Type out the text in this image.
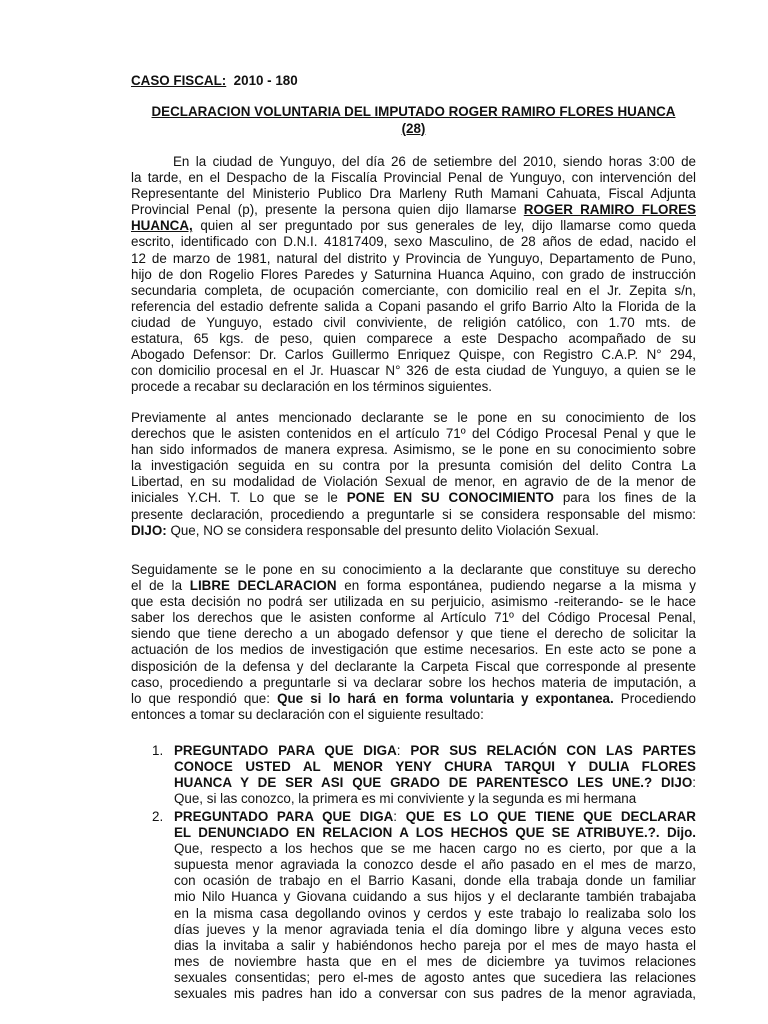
CASO FISCAL: 2010 - 180
DECLARACION VOLUNTARIA DEL IMPUTADO ROGER RAMIRO FLORES HUANCA
(28)
En la ciudad de Yunguyo, del día 26 de setiembre del 2010, siendo horas 3:00 de
la tarde, en el Despacho de la Fiscalía Provincial Penal de Yunguyo, con intervención del
Representante del Ministerio Publico Dra Marleny Ruth Mamani Cahuata, Fiscal Adjunta
Provincial Penal (p), presente la persona quien dijo llamarse ROGER RAMIRO FLORES
HUANCA, quien al ser preguntado por sus generales de ley, dijo llamarse como queda
escrito, identificado con D.N.I. 41817409, sexo Masculino, de 28 años de edad, nacido el
12 de marzo de 1981, natural del distrito y Provincia de Yunguyo, Departamento de Puno,
hijo de don Rogelio Flores Paredes y Saturnina Huanca Aquino, con grado de instrucción
secundaria completa, de ocupación comerciante, con domicilio real en el Jr. Zepita s/n,
referencia del estadio defrente salida a Copani pasando el grifo Barrio Alto la Florida de la
ciudad de Yunguyo, estado civil conviviente, de religión católico, con 1.70 mts. de
estatura, 65 kgs. de peso, quien comparece a este Despacho acompañado de su
Abogado Defensor: Dr. Carlos Guillermo Enriquez Quispe, con Registro C.A.P. N° 294,
con domicilio procesal en el Jr. Huascar N° 326 de esta ciudad de Yunguyo, a quien se le
procede a recabar su declaración en los términos siguientes.
Previamente al antes mencionado declarante se le pone en su conocimiento de los
derechos que le asisten contenidos en el artículo 71º del Código Procesal Penal y que le
han sido informados de manera expresa. Asimismo, se le pone en su conocimiento sobre
la investigación seguida en su contra por la presunta comisión del delito Contra La
Libertad, en su modalidad de Violación Sexual de menor, en agravio de de la menor de
iniciales Y.CH. T. Lo que se le PONE EN SU CONOCIMIENTO para los fines de la
presente declaración, procediendo a preguntarle si se considera responsable del mismo:
DIJO: Que, NO se considera responsable del presunto delito Violación Sexual.
Seguidamente se le pone en su conocimiento a la declarante que constituye su derecho
el de la LIBRE DECLARACION en forma espontánea, pudiendo negarse a la misma y
que esta decisión no podrá ser utilizada en su perjuicio, asimismo -reiterando- se le hace
saber los derechos que le asisten conforme al Artículo 71º del Código Procesal Penal,
siendo que tiene derecho a un abogado defensor y que tiene el derecho de solicitar la
actuación de los medios de investigación que estime necesarios. En este acto se pone a
disposición de la defensa y del declarante la Carpeta Fiscal que corresponde al presente
caso, procediendo a preguntarle si va declarar sobre los hechos materia de imputación, a
lo que respondió que: Que si lo hará en forma voluntaria y expontanea. Procediendo
entonces a tomar su declaración con el siguiente resultado:
1. PREGUNTADO PARA QUE DIGA: POR SUS RELACIÓN CON LAS PARTES
CONOCE USTED AL MENOR YENY CHURA TARQUI Y DULIA FLORES
HUANCA Y DE SER ASI QUE GRADO DE PARENTESCO LES UNE.? DIJO:
Que, si las conozco, la primera es mi conviviente y la segunda es mi hermana
2. PREGUNTADO PARA QUE DIGA: QUE ES LO QUE TIENE QUE DECLARAR
EL DENUNCIADO EN RELACION A LOS HECHOS QUE SE ATRIBUYE.?. Dijo.
Que, respecto a los hechos que se me hacen cargo no es cierto, por que a la
supuesta menor agraviada la conozco desde el año pasado en el mes de marzo,
con ocasión de trabajo en el Barrio Kasani, donde ella trabaja donde un familiar
mio Nilo Huanca y Giovana cuidando a sus hijos y el declarante también trabajaba
en la misma casa degollando ovinos y cerdos y este trabajo lo realizaba solo los
días jueves y la menor agraviada tenia el día domingo libre y alguna veces esto
dias la invitaba a salir y habiéndonos hecho pareja por el mes de mayo hasta el
mes de noviembre hasta que en el mes de diciembre ya tuvimos relaciones
sexuales consentidas; pero el-mes de agosto antes que sucediera las relaciones
sexuales mis padres han ido a conversar con sus padres de la menor agraviada,
